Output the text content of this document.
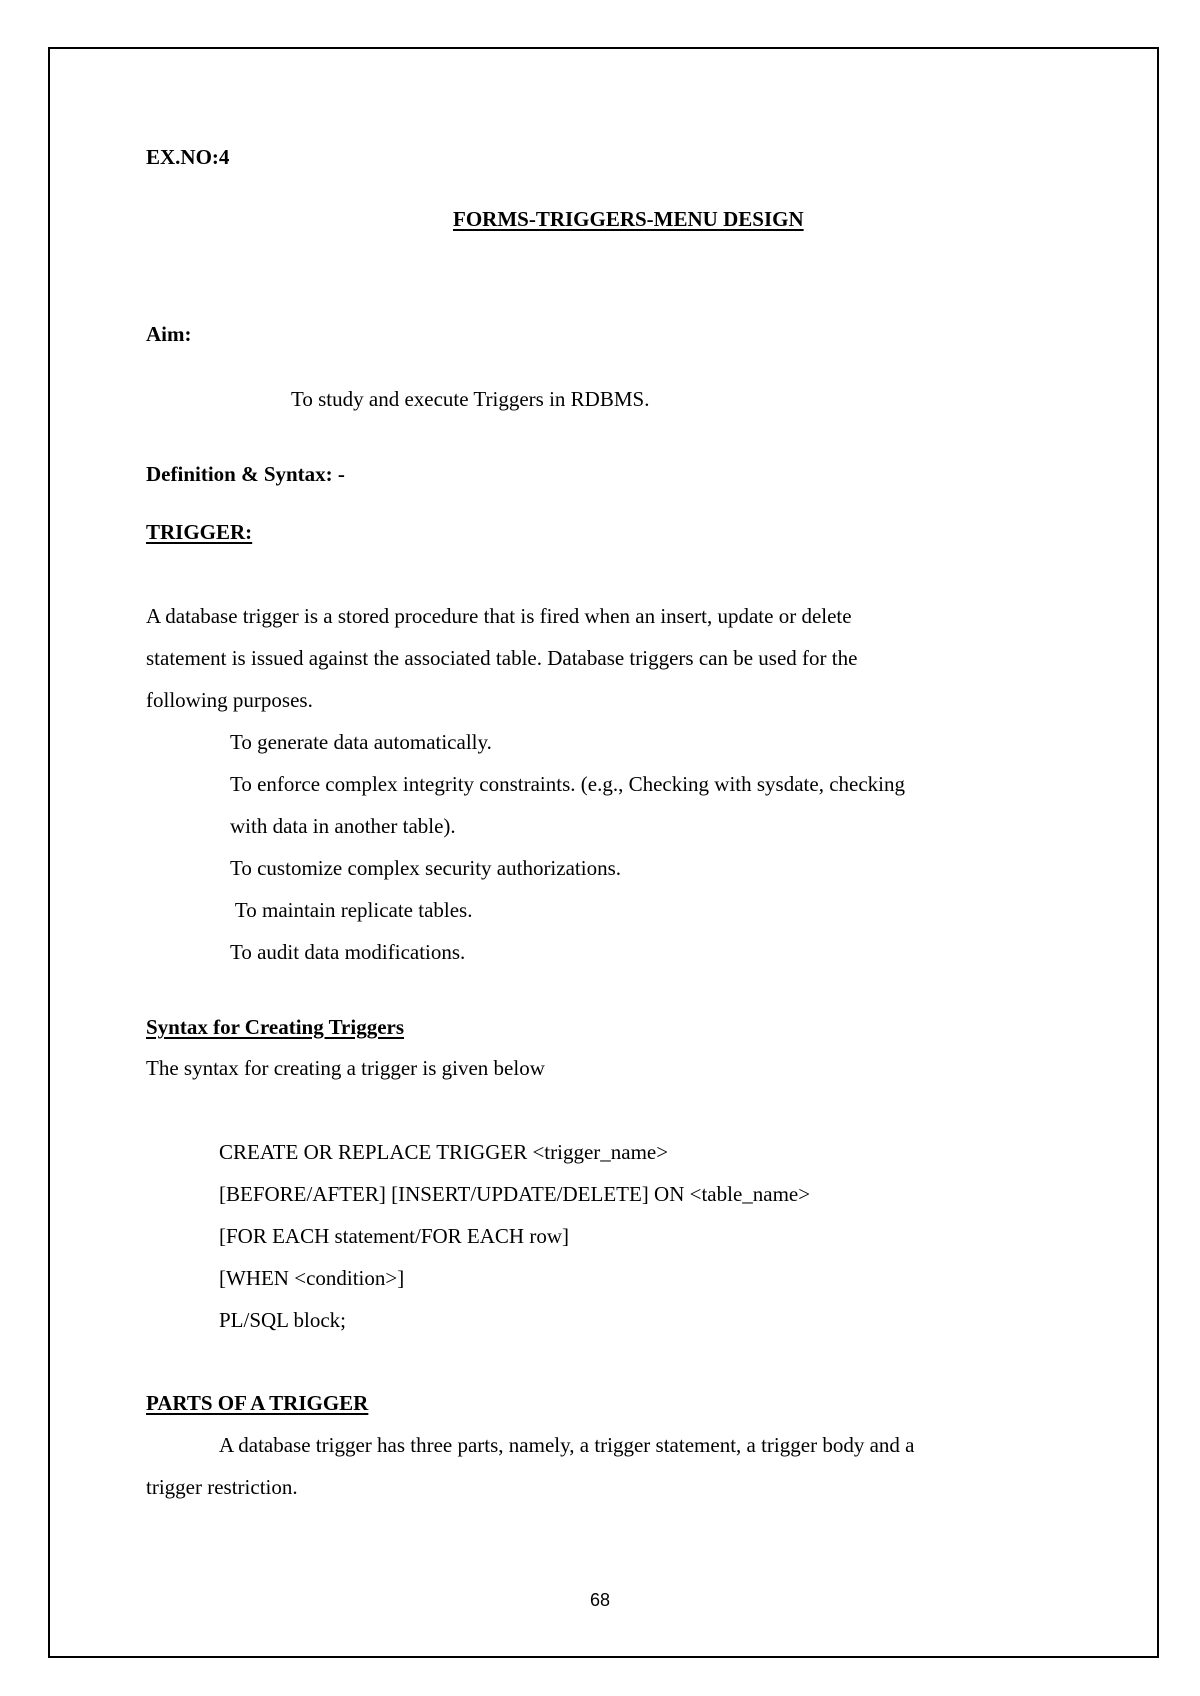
EX.NO:4
FORMS-TRIGGERS-MENU DESIGN
Aim:
To study and execute Triggers in RDBMS.
Definition & Syntax: -
TRIGGER:
A database trigger is a stored procedure that is fired when an insert, update or delete
statement is issued against the associated table. Database triggers can be used for the
following purposes.
To generate data automatically.
To enforce complex integrity constraints. (e.g., Checking with sysdate, checking
with data in another table).
To customize complex security authorizations.
To maintain replicate tables.
To audit data modifications.
Syntax for Creating Triggers
The syntax for creating a trigger is given below
CREATE OR REPLACE TRIGGER <trigger_name>
[BEFORE/AFTER] [INSERT/UPDATE/DELETE] ON <table_name>
[FOR EACH statement/FOR EACH row]
[WHEN <condition>]
PL/SQL block;
PARTS OF A TRIGGER
A database trigger has three parts, namely, a trigger statement, a trigger body and a
trigger restriction.
68
